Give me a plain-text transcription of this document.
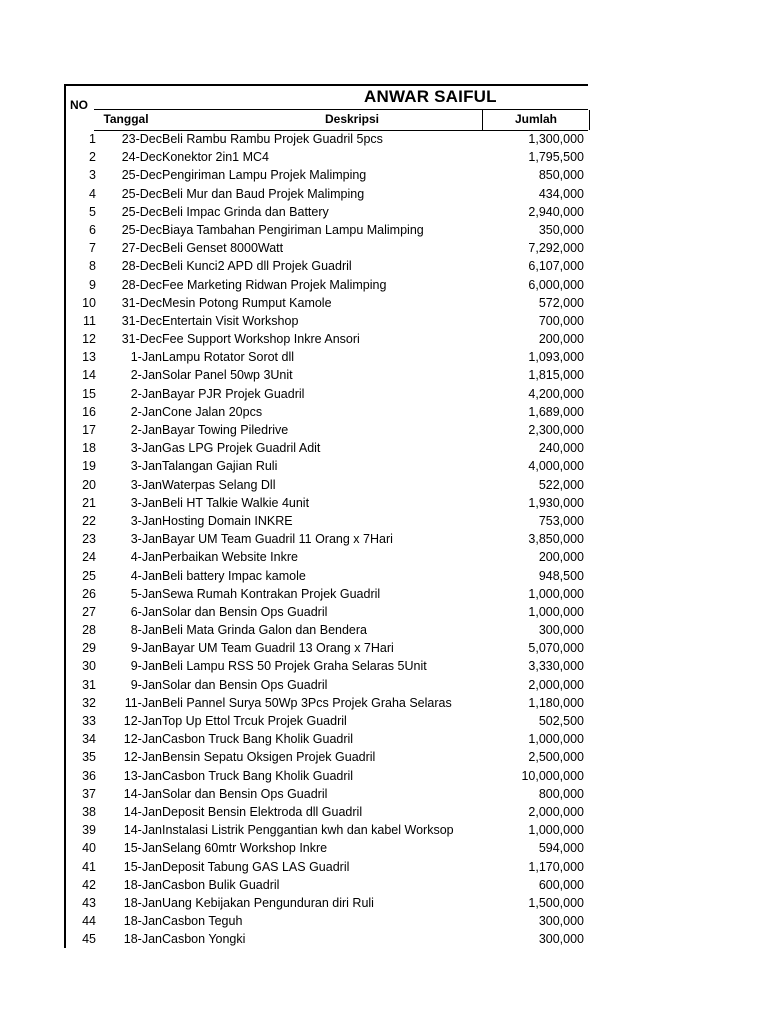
ANWAR SAIFUL
NO
Tanggal	Deskripsi	Jumlah
1	23-Dec Beli Rambu Rambu Projek Guadril 5pcs	1,300,000
2	24-Dec Konektor 2in1 MC4	1,795,500
3	25-Dec Pengiriman Lampu Projek Malimping	850,000
4	25-Dec Beli Mur dan Baud Projek Malimping	434,000
5	25-Dec Beli Impac Grinda dan Battery	2,940,000
6	25-Dec Biaya Tambahan Pengiriman Lampu Malimping	350,000
7	27-Dec Beli Genset 8000Watt	7,292,000
8	28-Dec Beli Kunci2 APD dll Projek Guadril	6,107,000
9	28-Dec Fee Marketing Ridwan Projek Malimping	6,000,000
10	31-Dec Mesin Potong Rumput Kamole	572,000
11	31-Dec Entertain Visit Workshop	700,000
12	31-Dec Fee Support Workshop Inkre Ansori	200,000
13	1-Jan Lampu Rotator Sorot dll	1,093,000
14	2-Jan Solar Panel 50wp 3Unit	1,815,000
15	2-Jan Bayar PJR Projek Guadril	4,200,000
16	2-Jan Cone Jalan 20pcs	1,689,000
17	2-Jan Bayar Towing Piledrive	2,300,000
18	3-Jan Gas LPG Projek Guadril Adit	240,000
19	3-Jan Talangan Gajian Ruli	4,000,000
20	3-Jan Waterpas Selang Dll	522,000
21	3-Jan Beli HT Talkie Walkie 4unit	1,930,000
22	3-Jan Hosting Domain INKRE	753,000
23	3-Jan Bayar UM Team Guadril 11 Orang x 7Hari	3,850,000
24	4-Jan Perbaikan Website Inkre	200,000
25	4-Jan Beli battery Impac kamole	948,500
26	5-Jan Sewa Rumah Kontrakan Projek Guadril	1,000,000
27	6-Jan Solar dan Bensin Ops Guadril	1,000,000
28	8-Jan Beli Mata Grinda Galon dan Bendera	300,000
29	9-Jan Bayar UM Team Guadril 13 Orang x 7Hari	5,070,000
30	9-Jan Beli Lampu RSS 50 Projek Graha Selaras 5Unit	3,330,000
31	9-Jan Solar dan Bensin Ops Guadril	2,000,000
32	11-Jan Beli Pannel Surya 50Wp 3Pcs Projek Graha Selaras	1,180,000
33	12-Jan Top Up Ettol Trcuk Projek Guadril	502,500
34	12-Jan Casbon Truck Bang Kholik Guadril	1,000,000
35	12-Jan Bensin Sepatu Oksigen Projek Guadril	2,500,000
36	13-Jan Casbon Truck Bang Kholik Guadril	10,000,000
37	14-Jan Solar dan Bensin Ops Guadril	800,000
38	14-Jan Deposit Bensin Elektroda dll Guadril	2,000,000
39	14-Jan Instalasi Listrik Penggantian kwh dan kabel Worksop	1,000,000
40	15-Jan Selang 60mtr Workshop Inkre	594,000
41	15-Jan Deposit Tabung GAS LAS Guadril	1,170,000
42	18-Jan Casbon Bulik Guadril	600,000
43	18-Jan Uang Kebijakan Pengunduran diri Ruli	1,500,000
44	18-Jan Casbon Teguh	300,000
45	18-Jan Casbon Yongki	300,000
